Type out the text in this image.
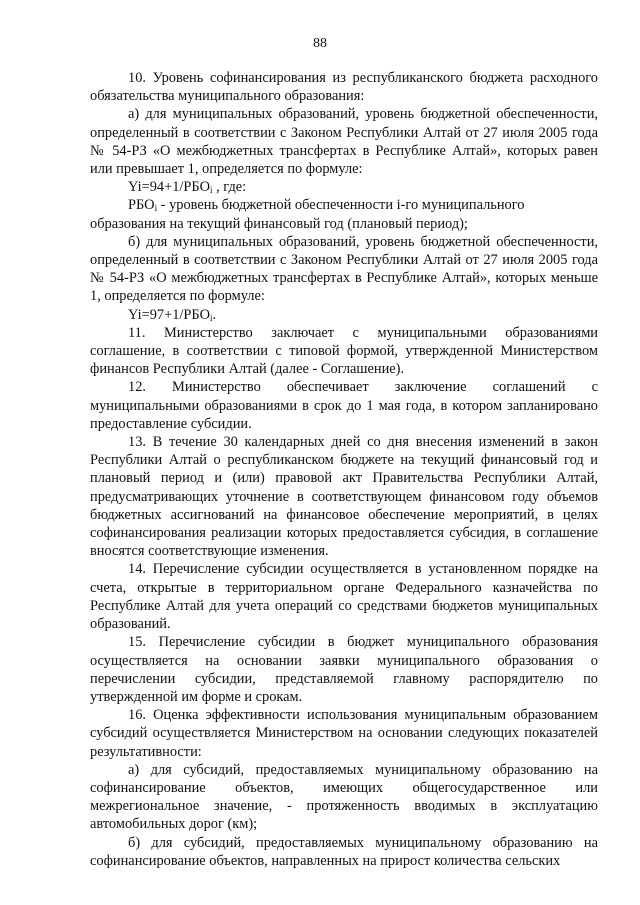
88

10. Уровень софинансирования из республиканского бюджета расходного обязательства муниципального образования:

а) для муниципальных образований, уровень бюджетной обеспеченности, определенный в соответствии с Законом Республики Алтай от 27 июля 2005 года № 54-РЗ «О межбюджетных трансфертах в Республике Алтай», которых равен или превышает 1, определяется по формуле:

$Yi=94+1/РБО_i$ , где:

$РБО_i$ - уровень бюджетной обеспеченности i-го муниципального образования на текущий финансовый год (плановый период);

б) для муниципальных образований, уровень бюджетной обеспеченности, определенный в соответствии с Законом Республики Алтай от 27 июля 2005 года № 54-РЗ «О межбюджетных трансфертах в Республике Алтай», которых меньше 1, определяется по формуле:

$Yi=97+1/РБО_i$.

11. Министерство заключает с муниципальными образованиями соглашение, в соответствии с типовой формой, утвержденной Министерством финансов Республики Алтай (далее - Соглашение).

12. Министерство обеспечивает заключение соглашений с муниципальными образованиями в срок до 1 мая года, в котором запланировано предоставление субсидии.

13. В течение 30 календарных дней со дня внесения изменений в закон Республики Алтай о республиканском бюджете на текущий финансовый год и плановый период и (или) правовой акт Правительства Республики Алтай, предусматривающих уточнение в соответствующем финансовом году объемов бюджетных ассигнований на финансовое обеспечение мероприятий, в целях софинансирования реализации которых предоставляется субсидия, в соглашение вносятся соответствующие изменения.

14. Перечисление субсидии осуществляется в установленном порядке на счета, открытые в территориальном органе Федерального казначейства по Республике Алтай для учета операций со средствами бюджетов муниципальных образований.

15. Перечисление субсидии в бюджет муниципального образования осуществляется на основании заявки муниципального образования о перечислении субсидии, представляемой главному распорядителю по утвержденной им форме и срокам.

16. Оценка эффективности использования муниципальным образованием субсидий осуществляется Министерством на основании следующих показателей результативности:

а) для субсидий, предоставляемых муниципальному образованию на софинансирование объектов, имеющих общегосударственное или межрегиональное значение, - протяженность вводимых в эксплуатацию автомобильных дорог (км);

б) для субсидий, предоставляемых муниципальному образованию на софинансирование объектов, направленных на прирост количества сельских
